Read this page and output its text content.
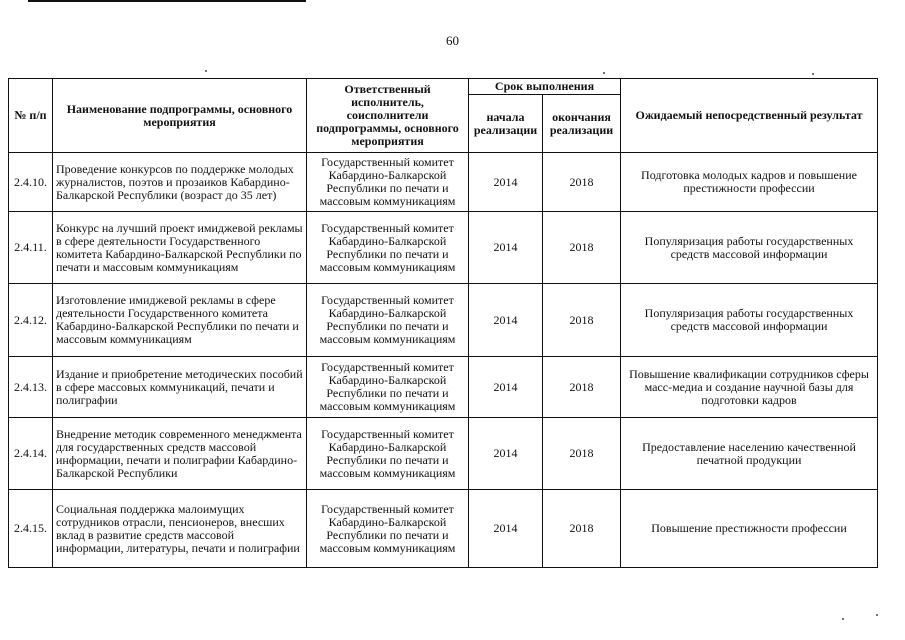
60
№ п/п	Наименование подпрограммы, основного мероприятия	Ответственный исполнитель, соисполнители подпрограммы, основного мероприятия	Срок выполнения		Ожидаемый непосредственный результат
			начала реализации	окончания реализации	
2.4.10.	Проведение конкурсов по поддержке молодых журналистов, поэтов и прозаиков Кабардино-Балкарской Республики (возраст до 35 лет)	Государственный комитет Кабардино-Балкарской Республики по печати и массовым коммуникациям	2014	2018	Подготовка молодых кадров и повышение престижности профессии
2.4.11.	Конкурс на лучший проект имиджевой рекламы в сфере деятельности Государственного комитета Кабардино-Балкарской Республики по печати и массовым коммуникациям	Государственный комитет Кабардино-Балкарской Республики по печати и массовым коммуникациям	2014	2018	Популяризация работы государственных средств массовой информации
2.4.12.	Изготовление имиджевой рекламы в сфере деятельности Государственного комитета Кабардино-Балкарской Республики по печати и массовым коммуникациям	Государственный комитет Кабардино-Балкарской Республики по печати и массовым коммуникациям	2014	2018	Популяризация работы государственных средств массовой информации
2.4.13.	Издание и приобретение методических пособий в сфере массовых коммуникаций, печати и полиграфии	Государственный комитет Кабардино-Балкарской Республики по печати и массовым коммуникациям	2014	2018	Повышение квалификации сотрудников сферы масс-медиа и создание научной базы для подготовки кадров
2.4.14.	Внедрение методик современного менеджмента для государственных средств массовой информации, печати и полиграфии Кабардино-Балкарской Республики	Государственный комитет Кабардино-Балкарской Республики по печати и массовым коммуникациям	2014	2018	Предоставление населению качественной печатной продукции
2.4.15.	Социальная поддержка малоимущих сотрудников отрасли, пенсионеров, внесших вклад в развитие средств массовой информации, литературы, печати и полиграфии	Государственный комитет Кабардино-Балкарской Республики по печати и массовым коммуникациям	2014	2018	Повышение престижности профессии
